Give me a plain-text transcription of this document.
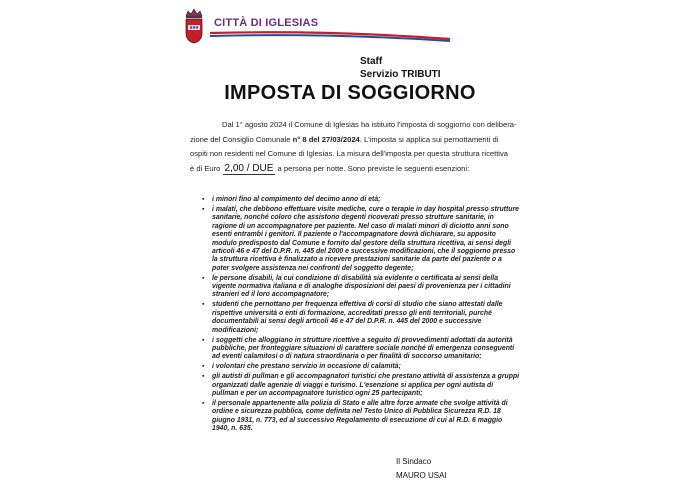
CITTÀ DI IGLESIAS
Staff
Servizio TRIBUTI
IMPOSTA DI SOGGIORNO
Dal 1° agosto 2024 il Comune di Iglesias ha istituito l'imposta di soggiorno con delibera-
zione del Consiglio Comunale n° 8 del 27/03/2024. L'imposta si applica sui pernottamenti di
ospiti non residenti nel Comune di Iglesias. La misura dell'imposta per questa struttura ricettiva
è di Euro 2,00 / DUE a persona per notte. Sono previste le seguenti esenzioni:
▪ i minori fino al compimento del decimo anno di età;
▪ i malati, che debbono effettuare visite mediche, cure o terapie in day hospital presso strutture sanitarie, nonché coloro che assistono degenti ricoverati presso strutture sanitarie, in ragione di un accompagnatore per paziente. Nel caso di malati minori di diciotto anni sono esenti entrambi i genitori. Il paziente o l'accompagnatore dovrà dichiarare, su apposito modulo predisposto dal Comune e fornito dal gestore della struttura ricettiva, ai sensi degli articoli 46 e 47 del D.P.R. n. 445 del 2000 e successive modificazioni, che il soggiorno presso la struttura ricettiva è finalizzato a ricevere prestazioni sanitarie da parte del paziente o a poter svolgere assistenza nei confronti del soggetto degente;
▪ le persone disabili, la cui condizione di disabilità sia evidente o certificata ai sensi della vigente normativa italiana e di analoghe disposizioni dei paesi di provenienza per i cittadini stranieri ed il loro accompagnatore;
▪ studenti che pernottano per frequenza effettiva di corsi di studio che siano attestati dalle rispettive università o enti di formazione, accreditati presso gli enti territoriali, purché documentabili ai sensi degli articoli 46 e 47 del D.P.R. n. 445 del 2000 e successive modificazioni;
▪ i soggetti che alloggiano in strutture ricettive a seguito di provvedimenti adottati da autorità pubbliche, per fronteggiare situazioni di carattere sociale nonché di emergenza conseguenti ad eventi calamitosi o di natura straordinaria o per finalità di soccorso umanitario;
▪ i volontari che prestano servizio in occasione di calamità;
▪ gli autisti di pullman e gli accompagnatori turistici che prestano attività di assistenza a gruppi organizzati dalle agenzie di viaggi e turismo. L'esenzione si applica per ogni autista di pullman e per un accompagnatore turistico ogni 25 partecipanti;
▪ il personale appartenente alla polizia di Stato e alle altre forze armate che svolge attività di ordine e sicurezza pubblica, come definita nel Testo Unico di Pubblica Sicurezza R.D. 18 giugno 1931, n. 773, ed al successivo Regolamento di esecuzione di cui al R.D. 6 maggio 1940, n. 635.
Il Sindaco
MAURO USAI
